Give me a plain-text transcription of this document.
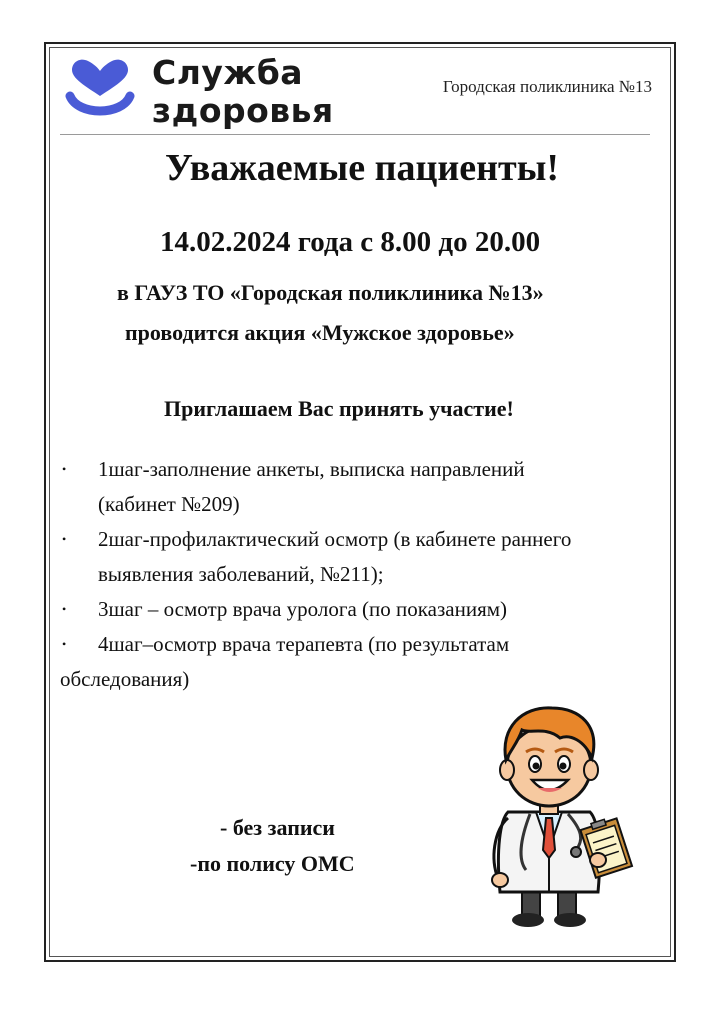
Служба
здоровья
Городская поликлиника №13
Уважаемые пациенты!
14.02.2024 года с 8.00 до 20.00
в ГАУЗ ТО «Городская поликлиника №13»
проводится акция «Мужское здоровье»
Приглашаем Вас принять участие!
• 1шаг-заполнение анкеты, выписка направлений
(кабинет №209)
• 2шаг-профилактический осмотр (в кабинете раннего
выявления заболеваний, №211);
• 3шаг – осмотр врача уролога (по показаниям)
• 4шаг–осмотр врача терапевта (по результатам
обследования)
- без записи
-по полису ОМС
